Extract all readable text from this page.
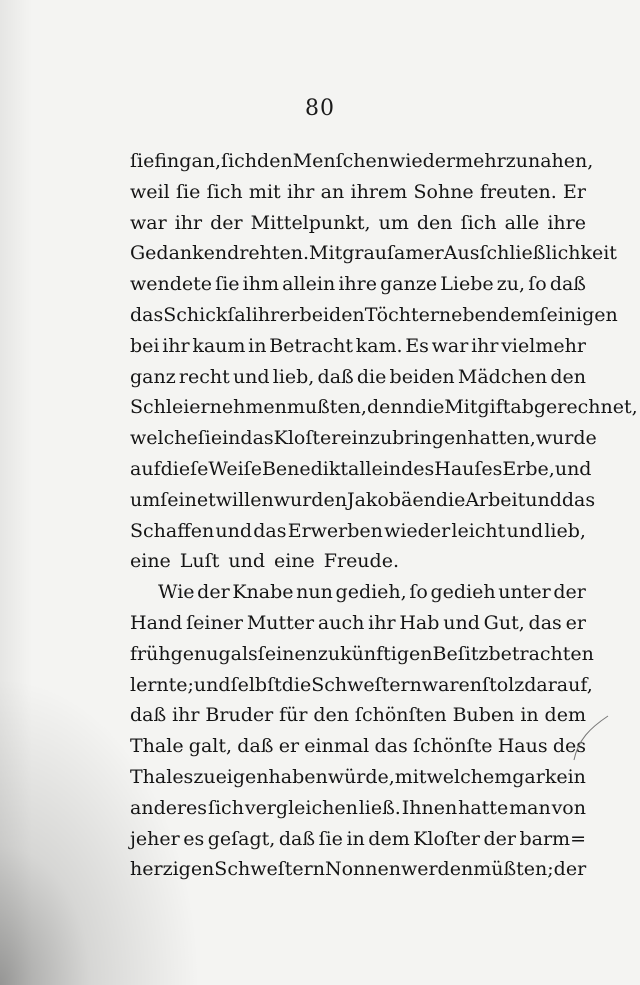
80
ſie fing an, ſich den Menſchen wieder mehr zu nahen,
weil ſie ſich mit ihr an ihrem Sohne freuten. Er
war ihr der Mittelpunkt, um den ſich alle ihre
Gedanken drehten. Mit grauſamer Ausſchließlichkeit
wendete ſie ihm allein ihre ganze Liebe zu, ſo daß
das Schickſal ihrer beiden Töchter neben dem ſeinigen
bei ihr kaum in Betracht kam. Es war ihr vielmehr
ganz recht und lieb, daß die beiden Mädchen den
Schleier nehmen mußten, denn die Mitgift abgerechnet,
welche ſie in das Kloſter einzubringen hatten, wurde
auf dieſe Weiſe Benedikt allein des Hauſes Erbe, und
um ſeinetwillen wurden Jakobäen die Arbeit und das
Schaffen und das Erwerben wieder leicht und lieb,
eine Luſt und eine Freude.
Wie der Knabe nun gedieh, ſo gedieh unter der
Hand ſeiner Mutter auch ihr Hab und Gut, das er
früh genug als ſeinen zukünftigen Beſitz betrachten
lernte; und ſelbſt die Schweſtern waren ſtolz darauf,
daß ihr Bruder für den ſchönſten Buben in dem
Thale galt, daß er einmal das ſchönſte Haus des
Thales zu eigen haben würde, mit welchem gar kein
anderes ſich vergleichen ließ. Ihnen hatte man von
jeher es geſagt, daß ſie in dem Kloſter der barm=
herzigen Schweſtern Nonnen werden müßten; der
